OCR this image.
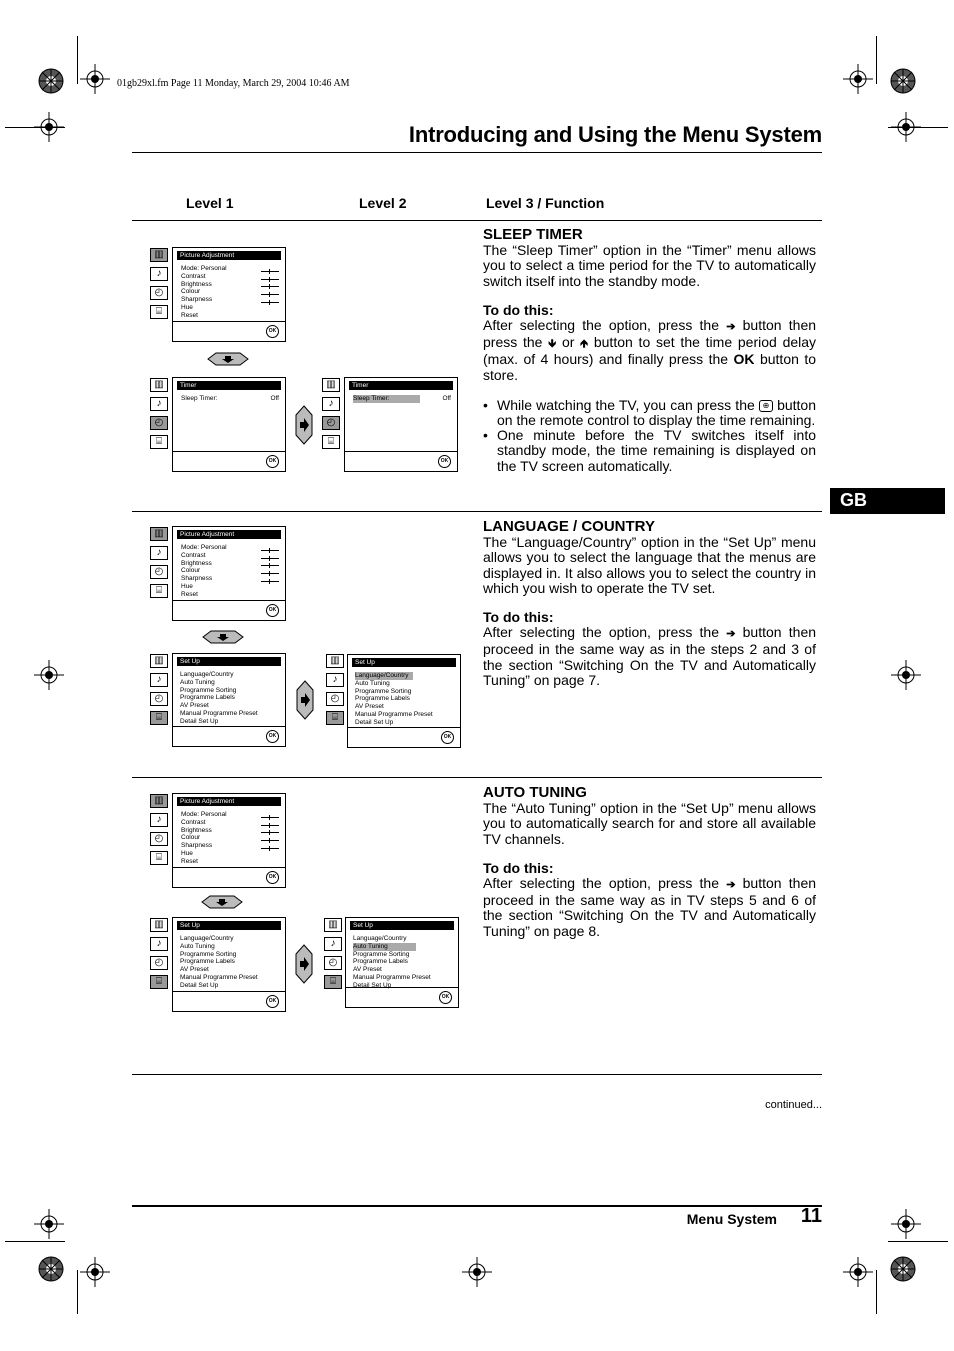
01gb29xl.fm Page 11 Monday, March 29, 2004 10:46 AM
Introducing and Using the Menu System
Level 1	Level 2	Level 3 / Function
GB
▥
♪
◴
⌸
Picture Adjustment
Mode: Personal
Contrast
Brightness
Colour
Sharpness
Hue
Reset
OK
▥
♪
◴
⌸
Timer
Sleep Timer:	Off
OK
▥
♪
◴
⌸
Timer
Sleep Timer:	Off
OK
SLEEP TIMER

The “Sleep Timer” option in the “Timer” menu allows you to select a time period for the TV to automatically switch itself into the standby mode.

To do this:

After selecting the option, press the ➔ button then press the 🡻 or 🡹 button to set the time period delay (max. of 4 hours) and finally press the OK button to store.

• While watching the TV, you can press the ⊕ button on the remote control to display the time remaining.
• One minute before the TV switches itself into standby mode, the time remaining is displayed on the TV screen automatically.
▥
♪
◴
⌸
Picture Adjustment
Mode: Personal
Contrast
Brightness
Colour
Sharpness
Hue
Reset
OK
▥
♪
◴
⌸
Set Up
Language/Country
Auto Tuning
Programme Sorting
Programme Labels
AV Preset
Manual Programme Preset
Detail Set Up
OK
▥
♪
◴
⌸
Set Up
Language/Country
Auto Tuning
Programme Sorting
Programme Labels
AV Preset
Manual Programme Preset
Detail Set Up
OK
LANGUAGE / COUNTRY

The “Language/Country” option in the “Set Up” menu allows you to select the language that the menus are displayed in. It also allows you to select the country in which you wish to operate the TV set.

To do this:

After selecting the option, press the ➔ button then proceed in the same way as in the steps 2 and 3 of the section “Switching On the TV and Automatically Tuning” on page 7.

▥
♪
◴
⌸
Picture Adjustment
Mode: Personal
Contrast
Brightness
Colour
Sharpness
Hue
Reset
OK
▥
♪
◴
⌸
Set Up
Language/Country
Auto Tuning
Programme Sorting
Programme Labels
AV Preset
Manual Programme Preset
Detail Set Up
OK
▥
♪
◴
⌸
Set Up
Language/Country
Auto Tuning
Programme Sorting
Programme Labels
AV Preset
Manual Programme Preset
Detail Set Up
OK
AUTO TUNING

The “Auto Tuning” option in the “Set Up” menu allows you to automatically search for and store all available TV channels.

To do this:

After selecting the option, press the ➔ button then proceed in the same way as in TV steps 5 and 6 of the section “Switching On the TV and Automatically Tuning” on page 8.

continued...
Menu System 11
